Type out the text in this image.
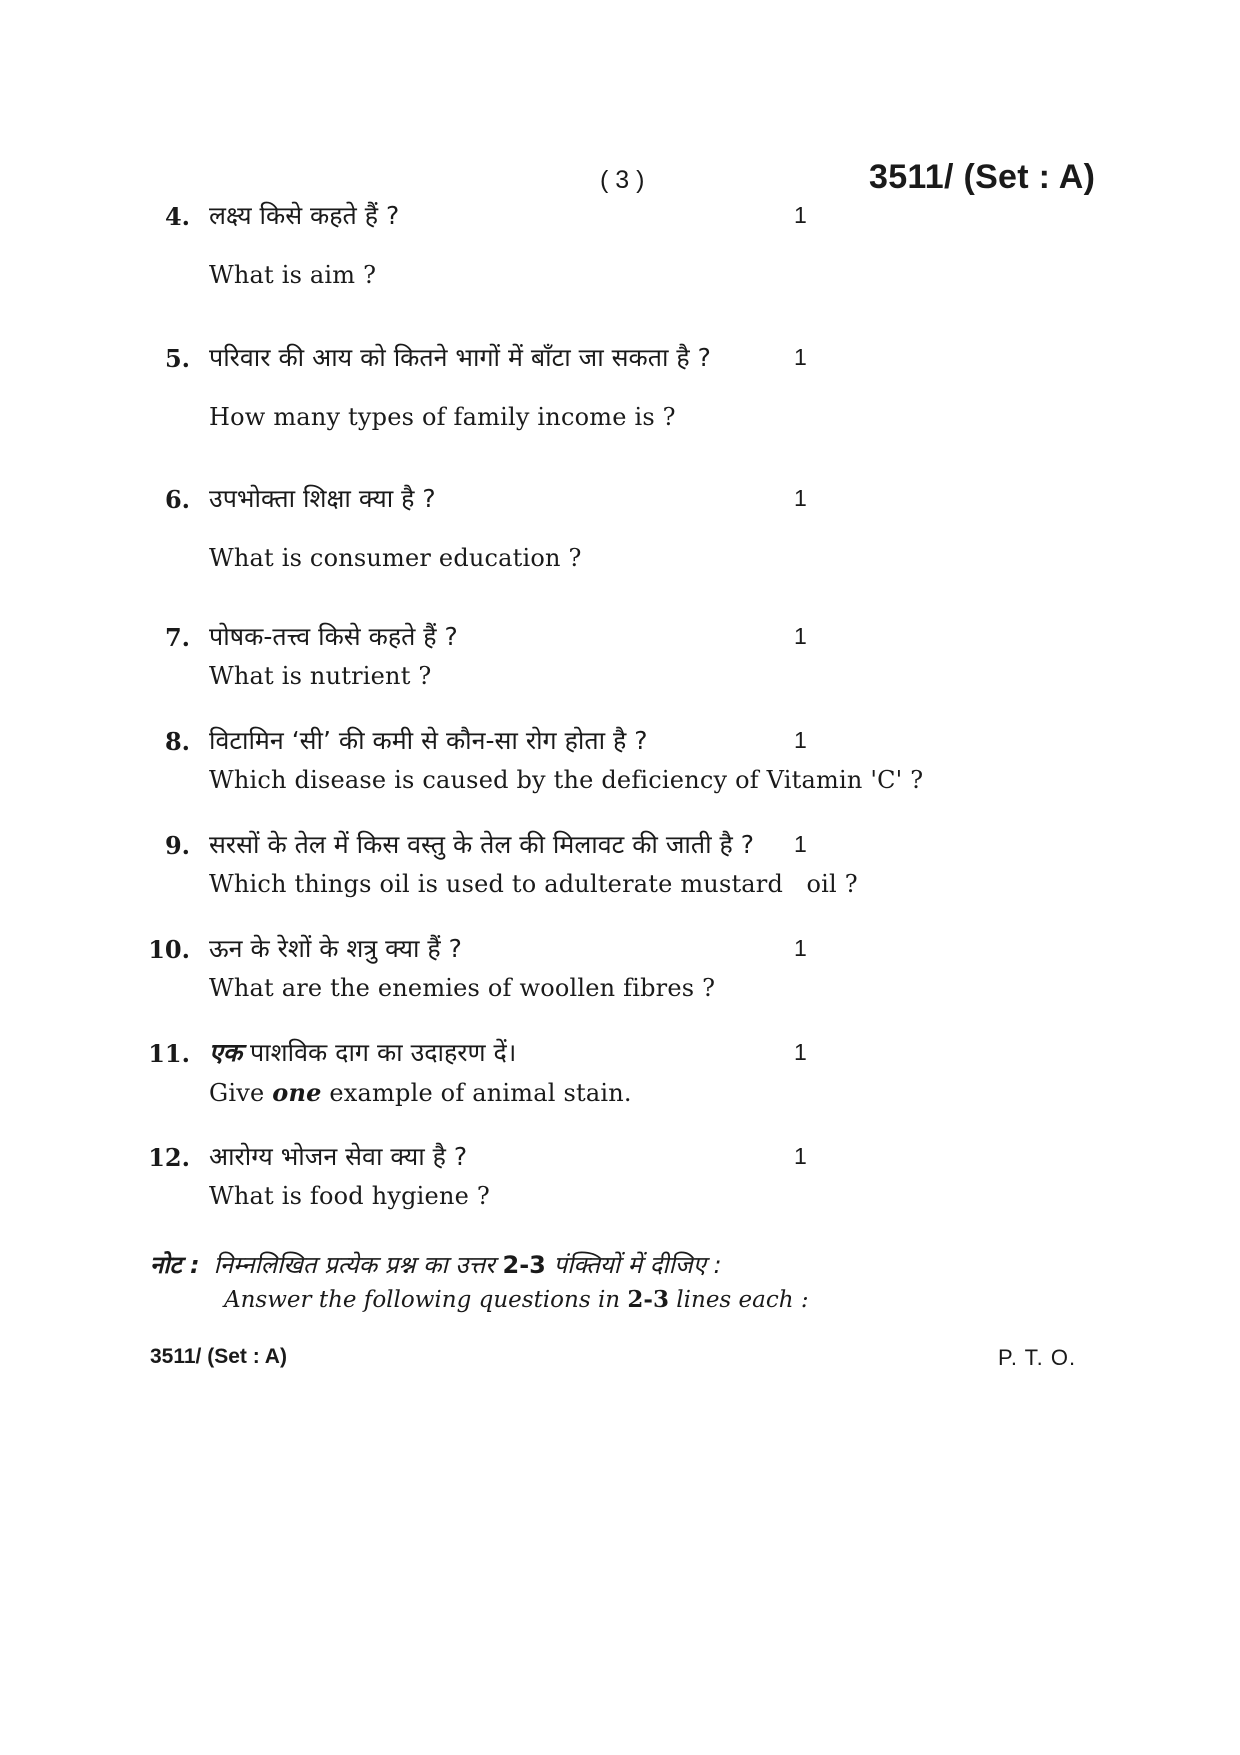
( 3 )	3511/ (Set : A)
4. लक्ष्य किसे कहते हैं ?	1
What is aim ?
5. परिवार की आय को कितने भागों में बाँटा जा सकता है ?	1
How many types of family income is ?
6. उपभोक्ता शिक्षा क्या है ?	1
What is consumer education ?
7. पोषक-तत्त्व किसे कहते हैं ?	1
What is nutrient ?
8. विटामिन ‘सी’ की कमी से कौन-सा रोग होता है ?	1
Which disease is caused by the deficiency of Vitamin 'C' ?
9. सरसों के तेल में किस वस्तु के तेल की मिलावट की जाती है ? 1
Which things oil is used to adulterate mustard   oil ?
10. ऊन के रेशों के शत्रु क्या हैं ?	1
What are the enemies of woollen fibres ?
11. एक पाशविक दाग का उदाहरण दें।	1
Give one example of animal stain.
12. आरोग्य भोजन सेवा क्या है ?	1
What is food hygiene ?
नोट : निम्नलिखित प्रत्येक प्रश्न का उत्तर 2-3 पंक्तियों में दीजिए :
Answer the following questions in 2-3 lines each :
3511/ (Set : A)	P. T. O.
